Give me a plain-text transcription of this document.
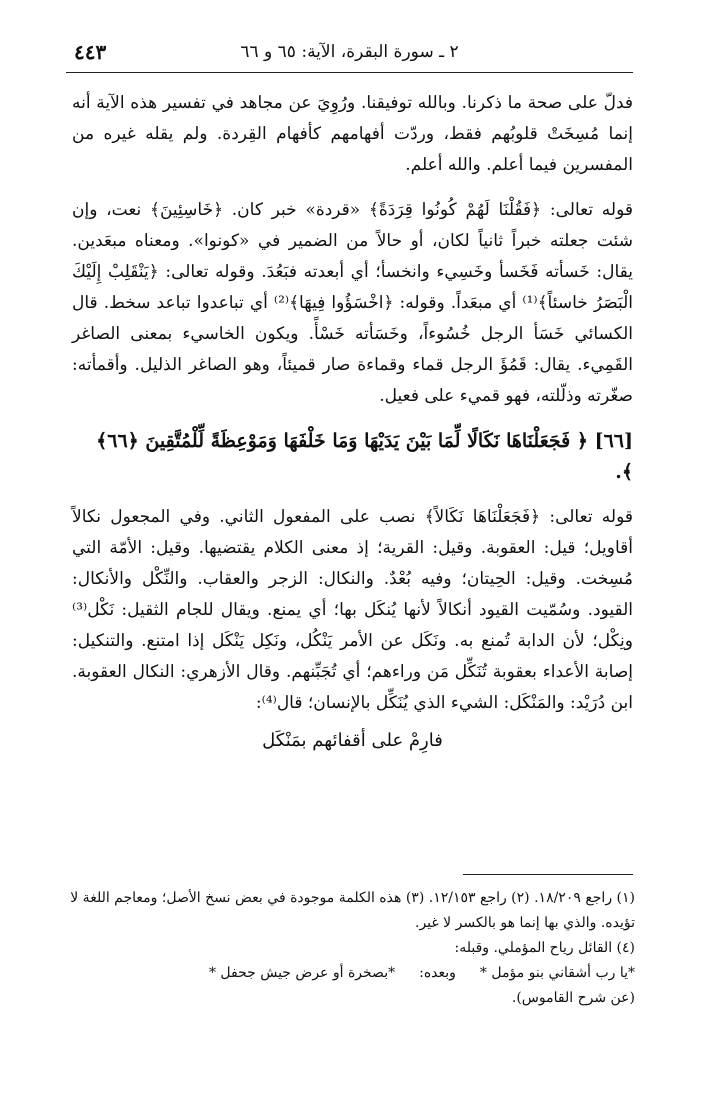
٢ ـ سورة البقرة، الآية: ٦٥ و ٦٦
٤٤٣

فدلّ على صحة ما ذكرنا. وبالله توفيقنا. ورُوِيَ عن مجاهد في تفسير هذه الآية أنه إنما مُسِخَتْ قلوبُهم فقط، وردّت أفهامهم كأفهام القِردة. ولم يقله غيره من المفسرين فيما أعلم. والله أعلم.

قوله تعالى: ﴿فَقُلْنَا لَهُمْ كُونُوا قِرَدَةً﴾ «قردة» خبر كان. ﴿خَاسِئِينَ﴾ نعت، وإن شئت جعلته خبراً ثانياً لكان، أو حالاً من الضمير في «كونوا». ومعناه مبعَدين. يقال: خَسأته فَخَسأ وخَسِيء وانخسأ؛ أي أبعدته فبَعُدَ. وقوله تعالى: ﴿يَنْقَلِبْ إِلَيْكَ الْبَصَرُ خاسئاً﴾⁽¹⁾ أي مبعَداً. وقوله: ﴿اخْسَؤُوا فِيهَا﴾⁽²⁾ أي تباعدوا تباعد سخط. قال الكسائي خَسَأ الرجل خُسُوءاً، وخَسَأته خَسْأً. ويكون الخاسيء بمعنى الصاغر القَمِيء. يقال: قَمُؤَ الرجل قماء وقماءة صار قميئاً، وهو الصاغر الذليل. وأقمأته: صغّرته وذلّلته، فهو قميء على فعيل.

[٦٦] ﴿ فَجَعَلْنَاهَا نَكَالًا لِّمَا بَيْنَ يَدَيْهَا وَمَا خَلْفَهَا وَمَوْعِظَةً لِّلْمُتَّقِينَ ﴿٦٦﴾ ﴾.

قوله تعالى: ﴿فَجَعَلْنَاهَا نَكَالاً﴾ نصب على المفعول الثاني. وفي المجعول نكالاً أقاويل؛ قيل: العقوبة. وقيل: القرية؛ إذ معنى الكلام يقتضيها. وقيل: الأمّة التي مُسِخت. وقيل: الحِيتان؛ وفيه بُعْدٌ. والنكال: الزجر والعقاب. والنِّكْل والأنكال: القيود. وسُمّيت القيود أنكالاً لأنها يُنكَل بها؛ أي يمنع. ويقال للجام الثقيل: نَكْل⁽³⁾ ونِكْل؛ لأن الدابة تُمنع به. ونَكَل عن الأمر يَنْكُل، ونَكِل يَنْكَل إذا امتنع. والتنكيل: إصابة الأعداء بعقوبة تُنَكِّل مَن وراءهم؛ أي تُجَبِّنهم. وقال الأزهري: النكال العقوبة. ابن دُرَيْد: والمَنْكَل: الشيء الذي يُنَكِّل بالإنسان؛ قال⁽⁴⁾:

فارِمْ على أقفائهم بمَنْكَل

(١) راجع ١٨/٢٠٩. (٢) راجع ١٢/١٥٣. (٣) هذه الكلمة موجودة في بعض نسخ الأصل؛ ومعاجم اللغة لا تؤيده. والذي بها إنما هو بالكسر لا غير.

(٤) القائل رياح المؤملي. وقبله:

*يا رب أشقاني بنو مؤمل *
وبعده:
*بصخرة أو عرض جيش جحفل *

(عن شرح القاموس).
